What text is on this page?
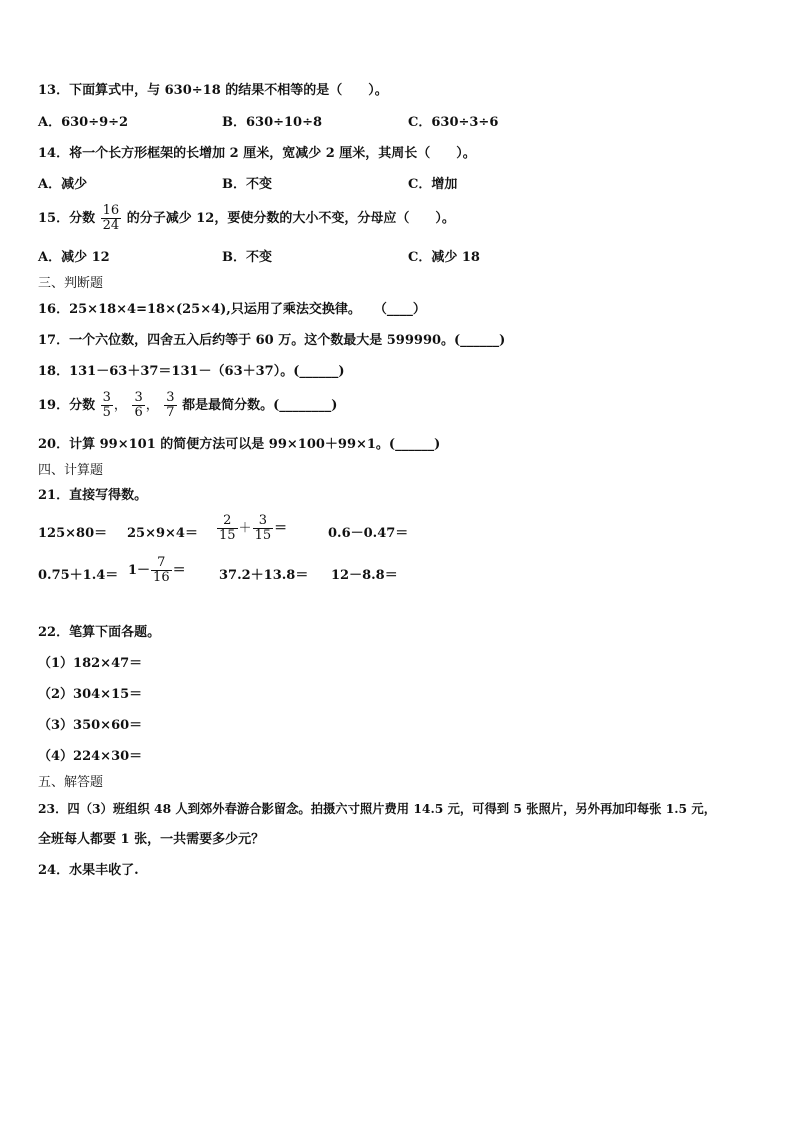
13．下面算式中，与 630÷18 的结果不相等的是（　　）。
A．630÷9÷2	B．630÷10÷8	C．630÷3÷6
14．将一个长方形框架的长增加 2 厘米，宽减少 2 厘米，其周长（　　）。
A．减少	B．不变	C．增加
15．分数 $\frac{16}{24}$ 的分子减少 12，要使分数的大小不变，分母应（　　）。
A．减少 12	B．不变	C．减少 18
三、判断题
16．25×18×4=18×(25×4),只运用了乘法交换律。　　（____）
17．一个六位数，四舍五入后约等于 60 万。这个数最大是 599990。(______)
18．131－63＋37＝131－（63＋37）。(______)
19．分数 $\frac{3}{5}$ ， $\frac{3}{6}$ ， $\frac{3}{7}$ 都是最简分数。(________)
20．计算 99×101 的简便方法可以是 99×100＋99×1。(______)
四、计算题
21．直接写得数。
$125\times 80= 25\times 9\times 4= \frac{2}{15} + \frac{3}{15}$ ＝	0.6－0.47＝
$0.75+1.4= 1- \frac{7}{16}$ ＝	37.2＋13.8＝ 12－8.8＝
22．笔算下面各题。
（1）182×47＝
（2）304×15＝
（3）350×60＝
（4）224×30＝
五、解答题
23．四（3）班组织 48 人到郊外春游合影留念。拍摄六寸照片费用 14.5 元，可得到 5 张照片，另外再加印每张 1.5 元，
全班每人都要 1 张，一共需要多少元？
24．水果丰收了.
